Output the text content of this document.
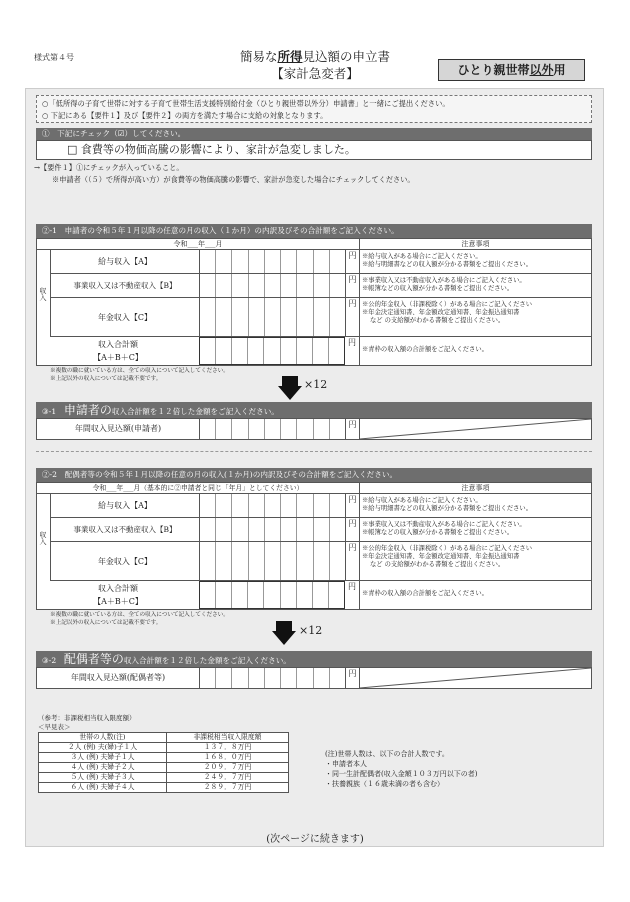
様式第４号	簡易な所得見込額の申立書
【家計急変者】	ひとり親世帯以外用
○「低所得の子育て世帯に対する子育て世帯生活支援特別給付金（ひとり親世帯以外分）申請書」と一緒にご提出ください。
○ 下記にある【要件１】及び【要件２】の両方を満たす場合に支給の対象となります。
①　下記にチェック（☑）してください。
□ 食費等の物価高騰の影響により、家計が急変しました。
→【要件１】①にチェックが入っていること。
※申請者（（５）で所得が高い方）が食費等の物価高騰の影響で、家計が急変した場合にチェックしてください。
②-1　申請者の令和５年１月以降の任意の月の収入（１か月）の内訳及びその合計額をご記入ください。
令和___年___月	注意事項
収入
給与収入【A】
円 ※給与収入がある場合にご記入ください。
※給与明細書などの収入額が分かる書類をご提出ください。
事業収入又は不動産収入【B】
円 ※事業収入又は不動産収入がある場合にご記入ください。
※帳簿などの収入額が分かる書類をご提出ください。
年金収入【C】
円 ※公的年金収入（非課税除く）がある場合にご記入ください
※年金決定通知書、年金額改定通知書、年金振込通知書
など の支給額がわかる書類をご提出ください。
収入合計額
【A＋B＋C】
円
※青枠の収入額の合計額をご記入ください。
※複数の職に就いている方は、全ての収入について記入してください。
※上記以外の収入については記載不要です。	×12
③-1　 申請者の収入合計額を１２倍した金額をご記入ください。
年間収入見込額(申請者)	円
②-2　配偶者等の令和５年１月以降の任意の月の収入(１か月)の内訳及びその合計額をご記入ください。
令和___年___月（基本的に②申請者と同じ「年月」としてください）	注意事項
収入
給与収入【A】
円 ※給与収入がある場合にご記入ください。
※給与明細書などの収入額が分かる書類をご提出ください。
事業収入又は不動産収入【B】
円 ※事業収入又は不動産収入がある場合にご記入ください。
※帳簿などの収入額が分かる書類をご提出ください。
年金収入【C】
円 ※公的年金収入（非課税除く）がある場合にご記入ください
※年金決定通知書、年金額改定通知書、年金振込通知書
など の支給額がわかる書類をご提出ください。
収入合計額
【A＋B＋C】
円
※青枠の収入額の合計額をご記入ください。
※複数の職に就いている方は、全ての収入について記入してください。
※上記以外の収入については記載不要です。
×12
③-2　 配偶者等の収入合計額を１２倍した金額をご記入ください。
年間収入見込額(配偶者等)	円
（参考：非課税相当収入限度額）
＜早見表＞
世帯の人数(注)	非課税相当収入限度額
２人 (例) 夫(婦)子１人	１３７．８万円
３人 (例) 夫婦子１人	１６８．０万円
４人 (例) 夫婦子２人	２０９．７万円
５人 (例) 夫婦子３人	２４９．７万円
６人 (例) 夫婦子４人	２８９．７万円
(注)世帯人数は、以下の合計人数です。
・申請者本人
・同一生計配偶者(収入金額１０３万円以下の者)
・扶養親族（１６歳未満の者も含む）
(次ページに続きます)
